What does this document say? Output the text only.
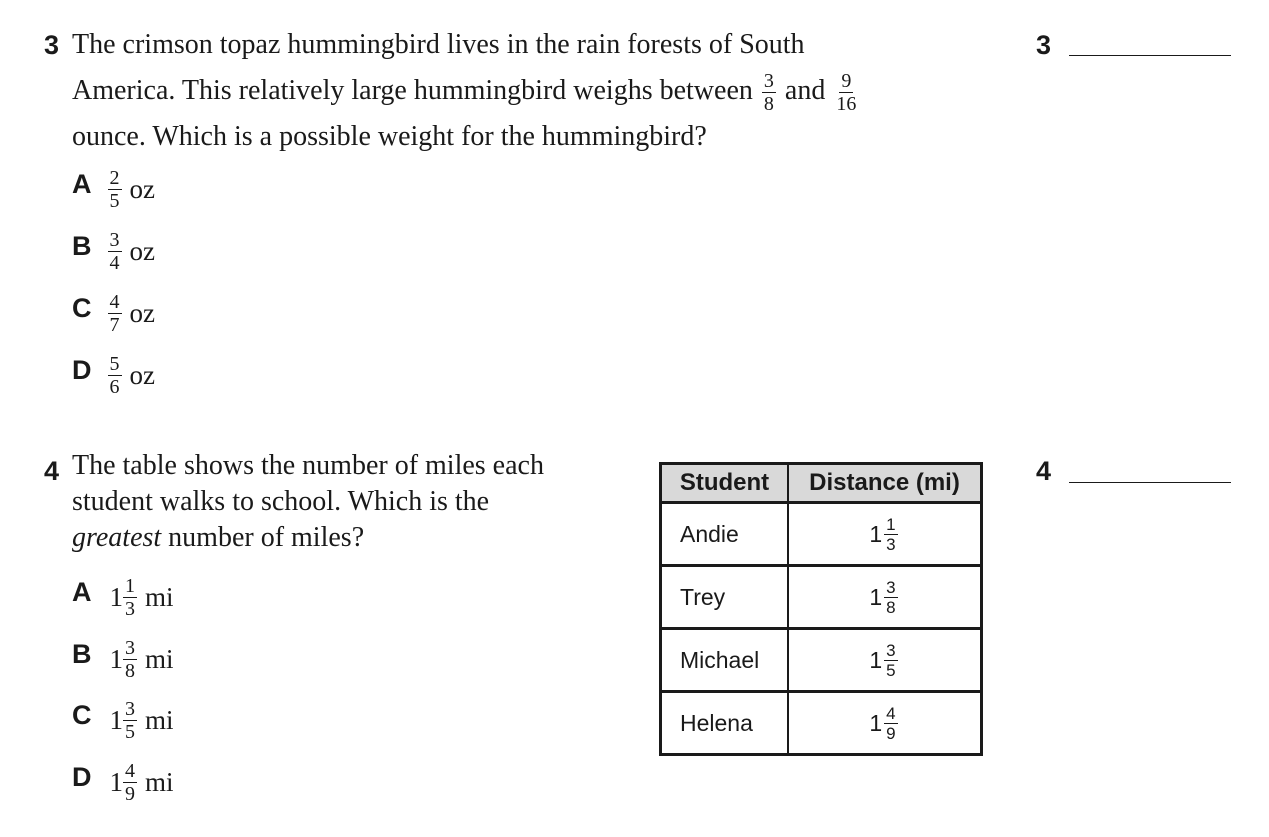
3 The crimson topaz hummingbird lives in the rain forests of South
America. This relatively large hummingbird weighs between $\frac{3}{8}$ and $\frac{9}{16}$
ounce. Which is a possible weight for the hummingbird?
A $\frac{2}{5}$ oz
B $\frac{3}{4}$ oz
C $\frac{4}{7}$ oz
D $\frac{5}{6}$ oz
3
4 The table shows the number of miles each
student walks to school. Which is the
greatest number of miles?
A $1 \frac{1}{3}$ mi
B $1 \frac{3}{8}$ mi
C $1 \frac{3}{5}$ mi
D $1 \frac{4}{9}$ mi
Student	Distance (mi)
Andie	$1 \frac{1}{3}$

Trey	$1 \frac{3}{8}$

Michael	$1 \frac{3}{5}$

Helena	$1 \frac{4}{9}$
4
